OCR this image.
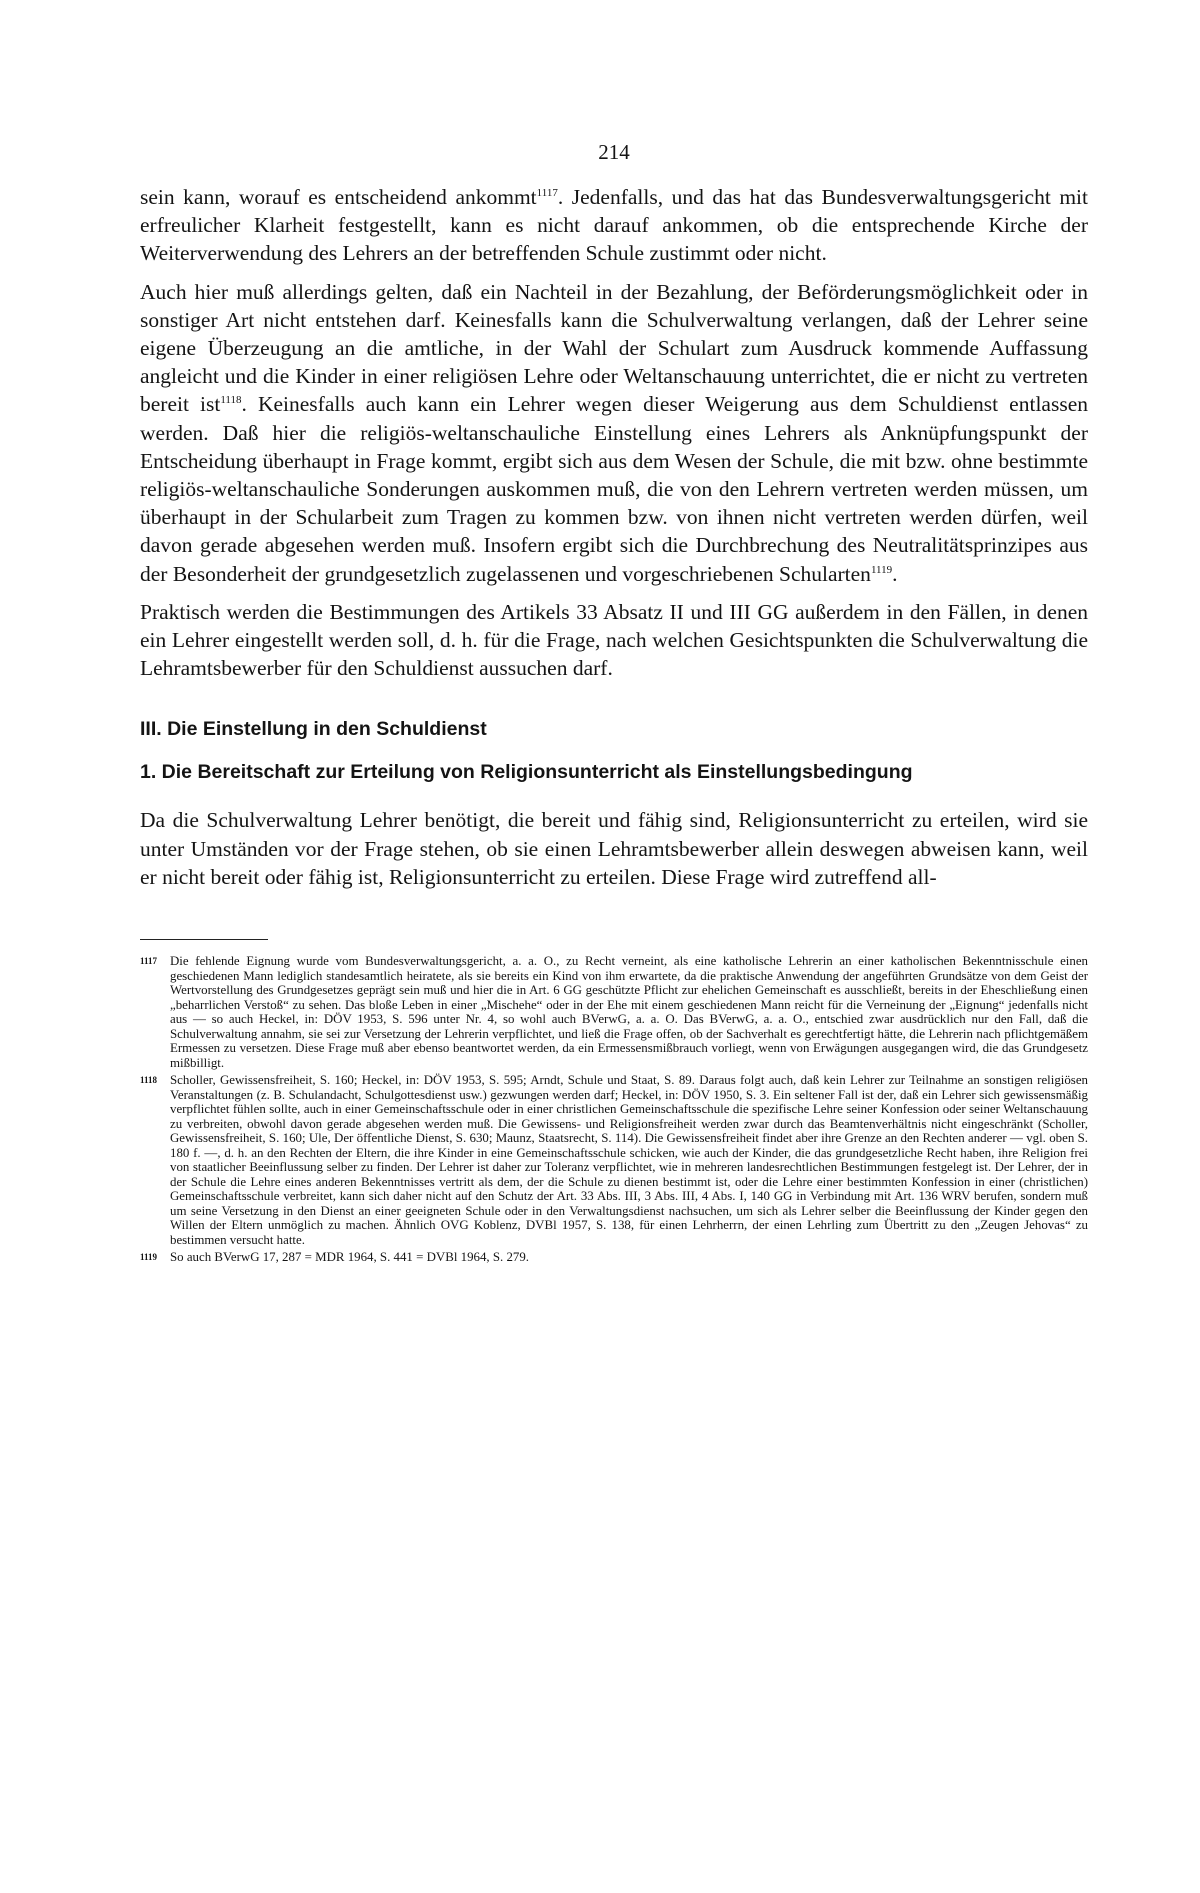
214

sein kann, worauf es entscheidend ankommt$^{1117}$. Jedenfalls, und das hat das Bundesverwaltungsgericht mit erfreulicher Klarheit festgestellt, kann es nicht darauf ankommen, ob die entsprechende Kirche der Weiterverwendung des Lehrers an der betreffenden Schule zustimmt oder nicht.

Auch hier muß allerdings gelten, daß ein Nachteil in der Bezahlung, der Beförderungsmöglichkeit oder in sonstiger Art nicht entstehen darf. Keinesfalls kann die Schulverwaltung verlangen, daß der Lehrer seine eigene Überzeugung an die amtliche, in der Wahl der Schulart zum Ausdruck kommende Auffassung angleicht und die Kinder in einer religiösen Lehre oder Weltanschauung unterrichtet, die er nicht zu vertreten bereit ist$^{1118}$. Keinesfalls auch kann ein Lehrer wegen dieser Weigerung aus dem Schuldienst entlassen werden. Daß hier die religiös-weltanschauliche Einstellung eines Lehrers als Anknüpfungspunkt der Entscheidung überhaupt in Frage kommt, ergibt sich aus dem Wesen der Schule, die mit bzw. ohne bestimmte religiös-weltanschauliche Sonderungen auskommen muß, die von den Lehrern vertreten werden müssen, um überhaupt in der Schularbeit zum Tragen zu kommen bzw. von ihnen nicht vertreten werden dürfen, weil davon gerade abgesehen werden muß. Insofern ergibt sich die Durchbrechung des Neutralitätsprinzipes aus der Besonderheit der grundgesetzlich zugelassenen und vorgeschriebenen Schularten$^{1119}$.

Praktisch werden die Bestimmungen des Artikels 33 Absatz II und III GG außerdem in den Fällen, in denen ein Lehrer eingestellt werden soll, d. h. für die Frage, nach welchen Gesichtspunkten die Schulverwaltung die Lehramtsbewerber für den Schuldienst aussuchen darf.

III. Die Einstellung in den Schuldienst
1. Die Bereitschaft zur Erteilung von Religionsunterricht als Einstellungsbedingung

Da die Schulverwaltung Lehrer benötigt, die bereit und fähig sind, Religionsunterricht zu erteilen, wird sie unter Umständen vor der Frage stehen, ob sie einen Lehramtsbewerber allein deswegen abweisen kann, weil er nicht bereit oder fähig ist, Religionsunterricht zu erteilen. Diese Frage wird zutreffend all-

1117	Die fehlende Eignung wurde vom Bundesverwaltungsgericht, a. a. O., zu Recht verneint, als eine katholische Lehrerin an einer katholischen Bekenntnisschule einen geschiedenen Mann lediglich standesamtlich heiratete, als sie bereits ein Kind von ihm erwartete, da die praktische Anwendung der angeführten Grundsätze von dem Geist der Wertvorstellung des Grundgesetzes geprägt sein muß und hier die in Art. 6 GG geschützte Pflicht zur ehelichen Gemeinschaft es ausschließt, bereits in der Eheschließung einen „beharrlichen Verstoß“ zu sehen. Das bloße Leben in einer „Mischehe“ oder in der Ehe mit einem geschiedenen Mann reicht für die Verneinung der „Eignung“ jedenfalls nicht aus — so auch Heckel, in: DÖV 1953, S. 596 unter Nr. 4, so wohl auch BVerwG, a. a. O. Das BVerwG, a. a. O., entschied zwar ausdrücklich nur den Fall, daß die Schulverwaltung annahm, sie sei zur Versetzung der Lehrerin verpflichtet, und ließ die Frage offen, ob der Sachverhalt es gerechtfertigt hätte, die Lehrerin nach pflichtgemäßem Ermessen zu versetzen. Diese Frage muß aber ebenso beantwortet werden, da ein Ermessensmißbrauch vorliegt, wenn von Erwägungen ausgegangen wird, die das Grundgesetz mißbilligt.
1118	Scholler, Gewissensfreiheit, S. 160; Heckel, in: DÖV 1953, S. 595; Arndt, Schule und Staat, S. 89. Daraus folgt auch, daß kein Lehrer zur Teilnahme an sonstigen religiösen Veranstaltungen (z. B. Schulandacht, Schulgottesdienst usw.) gezwungen werden darf; Heckel, in: DÖV 1950, S. 3. Ein seltener Fall ist der, daß ein Lehrer sich gewissensmäßig verpflichtet fühlen sollte, auch in einer Gemeinschaftsschule oder in einer christlichen Gemeinschaftsschule die spezifische Lehre seiner Konfession oder seiner Weltanschauung zu verbreiten, obwohl davon gerade abgesehen werden muß. Die Gewissens- und Religionsfreiheit werden zwar durch das Beamtenverhältnis nicht eingeschränkt (Scholler, Gewissensfreiheit, S. 160; Ule, Der öffentliche Dienst, S. 630; Maunz, Staatsrecht, S. 114). Die Gewissensfreiheit findet aber ihre Grenze an den Rechten anderer — vgl. oben S. 180 f. —, d. h. an den Rechten der Eltern, die ihre Kinder in eine Gemeinschaftsschule schicken, wie auch der Kinder, die das grundgesetzliche Recht haben, ihre Religion frei von staatlicher Beeinflussung selber zu finden. Der Lehrer ist daher zur Toleranz verpflichtet, wie in mehreren landesrechtlichen Bestimmungen festgelegt ist. Der Lehrer, der in der Schule die Lehre eines anderen Bekenntnisses vertritt als dem, der die Schule zu dienen bestimmt ist, oder die Lehre einer bestimmten Konfession in einer (christlichen) Gemeinschaftsschule verbreitet, kann sich daher nicht auf den Schutz der Art. 33 Abs. III, 3 Abs. III, 4 Abs. I, 140 GG in Verbindung mit Art. 136 WRV berufen, sondern muß um seine Versetzung in den Dienst an einer geeigneten Schule oder in den Verwaltungsdienst nachsuchen, um sich als Lehrer selber die Beeinflussung der Kinder gegen den Willen der Eltern unmöglich zu machen. Ähnlich OVG Koblenz, DVBl 1957, S. 138, für einen Lehrherrn, der einen Lehrling zum Übertritt zu den „Zeugen Jehovas“ zu bestimmen versucht hatte.
1119	So auch BVerwG 17, 287 = MDR 1964, S. 441 = DVBl 1964, S. 279.
